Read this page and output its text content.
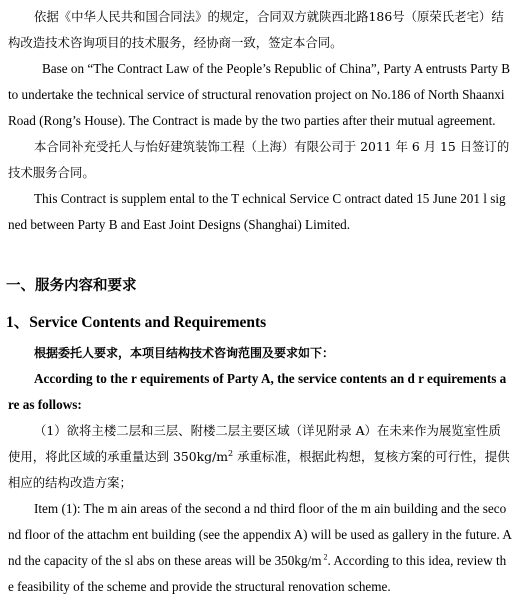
依据《中华人民共和国合同法》的规定，合同双方就陕西北路186号（原荣氏老宅）结构改造技术咨询项目的技术服务，经协商一致，签定本合同。

Base on “The Contract Law of the People’s Republic of China”, Party A entrusts Party B to undertake the technical service of structural renovation project on No.186 of North Shaanxi Road (Rong’s House). The Contract is made by the two parties after their mutual agreement.

本合同补充受托人与怡好建筑装饰工程（上海）有限公司于 2011 年 6 月 15 日签订的技术服务合同。

This Contract is supplem ental to the T echnical Service C ontract dated 15 June 201 l signed between Party B and East Joint Designs (Shanghai) Limited.

一、服务内容和要求
1、Service Contents and Requirements

根据委托人要求，本项目结构技术咨询范围及要求如下：

According to the r equirements of Party A, the service contents an d r equirements are as follows:

（1）欲将主楼二层和三层、附楼二层主要区域（详见附录 A）在未来作为展览室性质使用，将此区域的承重量达到 $350kg/m^2$ 承重标准，根据此构想，复核方案的可行性，提供相应的结构改造方案；

Item (1): The m ain areas of the second a nd third floor of the m ain building and the second floor of the attachm ent building (see the appendix A) will be used as gallery in the future. And the capacity of the sl abs on these areas will be 350kg/m $^2$. According to this idea, review the feasibility of the scheme and provide the structural renovation scheme.
